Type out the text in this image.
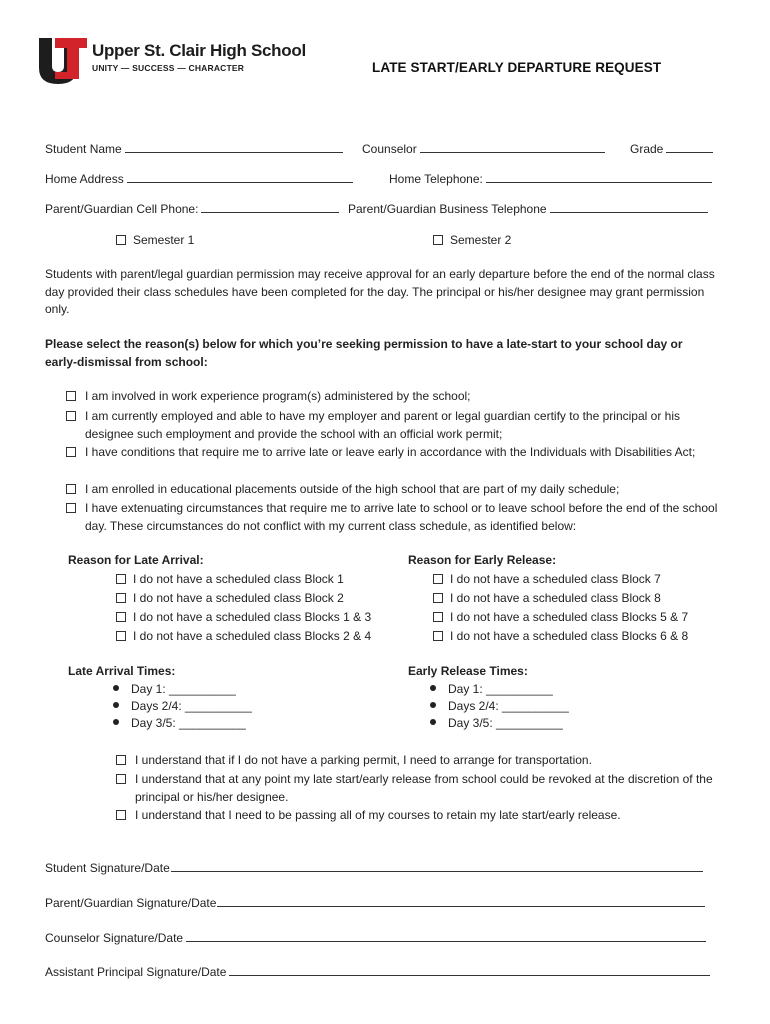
Upper St. Clair High School
UNITY — SUCCESS — CHARACTER	LATE START/EARLY DEPARTURE REQUEST
Student Name	Counselor	Grade
Home Address	Home Telephone:
Parent/Guardian Cell Phone:	Parent/Guardian Business Telephone
Semester 1	Semester 2
Students with parent/legal guardian permission may receive approval for an early departure before the end of the normal class day provided their class schedules have been completed for the day. The principal or his/her designee may grant permission only.
Please select the reason(s) below for which you’re seeking permission to have a late-start to your school day or early-dismissal from school:
I am involved in work experience program(s) administered by the school;
I am currently employed and able to have my employer and parent or legal guardian certify to the principal or his designee such employment and provide the school with an official work permit;
I have conditions that require me to arrive late or leave early in accordance with the Individuals with Disabilities Act;
I am enrolled in educational placements outside of the high school that are part of my daily schedule;
I have extenuating circumstances that require me to arrive late to school or to leave school before the end of the school day. These circumstances do not conflict with my current class schedule, as identified below:
Reason for Late Arrival:
I do not have a scheduled class Block 1
I do not have a scheduled class Block 2
I do not have a scheduled class Blocks 1 & 3
I do not have a scheduled class Blocks 2 & 4
Reason for Early Release:
I do not have a scheduled class Block 7
I do not have a scheduled class Block 8
I do not have a scheduled class Blocks 5 & 7
I do not have a scheduled class Blocks 6 & 8
Late Arrival Times:
Day 1: __________
Days 2/4: __________
Day 3/5: __________
Early Release Times:
Day 1: __________
Days 2/4: __________
Day 3/5: __________
I understand that if I do not have a parking permit, I need to arrange for transportation.
I understand that at any point my late start/early release from school could be revoked at the discretion of the principal or his/her designee.
I understand that I need to be passing all of my courses to retain my late start/early release.
Student Signature/Date
Parent/Guardian Signature/Date
Counselor Signature/Date
Assistant Principal Signature/Date
